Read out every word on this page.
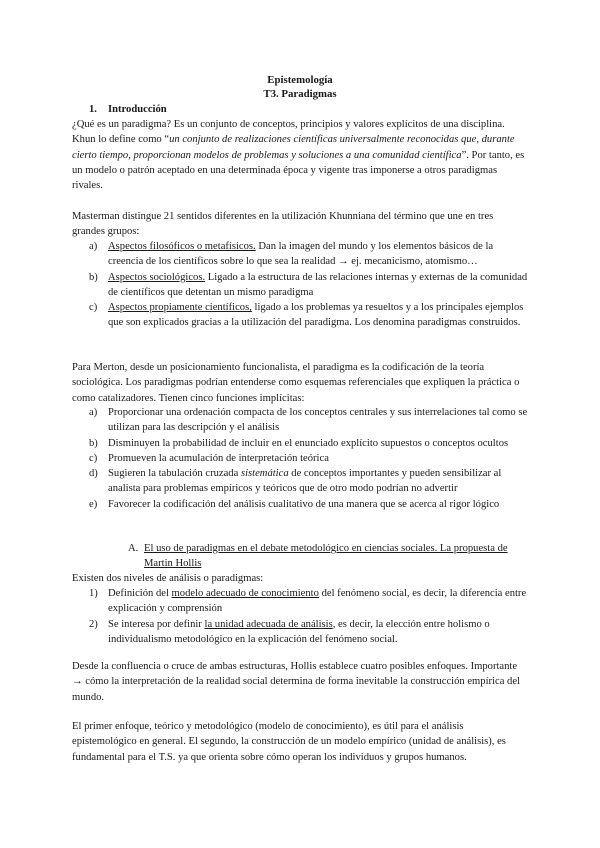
Epistemología
T3. Paradigmas
1. Introducción
¿Qué es un paradigma? Es un conjunto de conceptos, principios y valores explícitos de una disciplina. Khun lo define como “un conjunto de realizaciones científicas universalmente reconocidas que, durante cierto tiempo, proporcionan modelos de problemas y soluciones a una comunidad científica”. Por tanto, es un modelo o patrón aceptado en una determinada época y vigente tras imponerse a otros paradigmas rivales.
Masterman distingue 21 sentidos diferentes en la utilización Khunniana del término que une en tres grandes grupos:
a) Aspectos filosóficos o metafísicos. Dan la imagen del mundo y los elementos básicos de la creencia de los científicos sobre lo que sea la realidad → ej. mecanicismo, atomismo…
b) Aspectos sociológicos. Ligado a la estructura de las relaciones internas y externas de la comunidad de científicos que detentan un mismo paradigma
c) Aspectos propiamente científicos, ligado a los problemas ya resueltos y a los principales ejemplos que son explicados gracias a la utilización del paradigma. Los denomina paradigmas construidos.
Para Merton, desde un posicionamiento funcionalista, el paradigma es la codificación de la teoría sociológica. Los paradigmas podrían entenderse como esquemas referenciales que expliquen la práctica o como catalizadores. Tienen cinco funciones implícitas:
a) Proporcionar una ordenación compacta de los conceptos centrales y sus interrelaciones tal como se utilizan para las descripción y el análisis
b) Disminuyen la probabilidad de incluir en el enunciado explícito supuestos o conceptos ocultos
c) Promueven la acumulación de interpretación teórica
d) Sugieren la tabulación cruzada sistemática de conceptos importantes y pueden sensibilizar al analista para problemas empíricos y teóricos que de otro modo podrían no advertir
e) Favorecer la codificación del análisis cualitativo de una manera que se acerca al rigor lógico
A. El uso de paradigmas en el debate metodológico en ciencias sociales. La propuesta de Martin Hollis
Existen dos niveles de análisis o paradigmas:
1) Definición del modelo adecuado de conocimiento del fenómeno social, es decir, la diferencia entre explicación y comprensión
2) Se interesa por definir la unidad adecuada de análisis, es decir, la elección entre holismo o individualismo metodológico en la explicación del fenómeno social.
Desde la confluencia o cruce de ambas estructuras, Hollis establece cuatro posibles enfoques. Importante → cómo la interpretación de la realidad social determina de forma inevitable la construcción empírica del mundo.
El primer enfoque, teórico y metodológico (modelo de conocimiento), es útil para el análisis epistemológico en general. El segundo, la construcción de un modelo empírico (unidad de análisis), es fundamental para el T.S. ya que orienta sobre cómo operan los individuos y grupos humanos.
